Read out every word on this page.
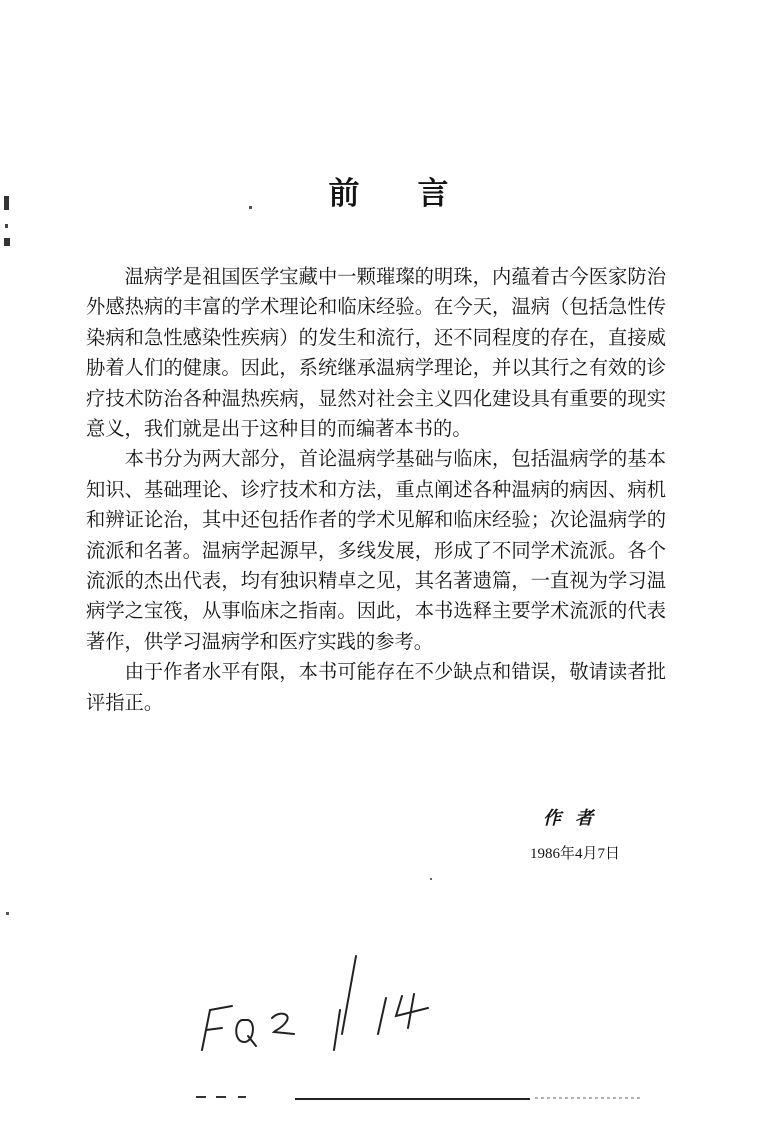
前 言

温病学是祖国医学宝藏中一颗璀璨的明珠，内蕴着古今医家防治外感热病的丰富的学术理论和临床经验。在今天，温病（包括急性传染病和急性感染性疾病）的发生和流行，还不同程度的存在，直接威胁着人们的健康。因此，系统继承温病学理论，并以其行之有效的诊疗技术防治各种温热疾病，显然对社会主义四化建设具有重要的现实意义，我们就是出于这种目的而编著本书的。

本书分为两大部分，首论温病学基础与临床，包括温病学的基本知识、基础理论、诊疗技术和方法，重点阐述各种温病的病因、病机和辨证论治，其中还包括作者的学术见解和临床经验；次论温病学的流派和名著。温病学起源早，多线发展，形成了不同学术流派。各个流派的杰出代表，均有独识精卓之见，其名著遗篇，一直视为学习温病学之宝筏，从事临床之指南。因此，本书选释主要学术流派的代表著作，供学习温病学和医疗实践的参考。

由于作者水平有限，本书可能存在不少缺点和错误，敬请读者批评指正。

作者
1986年4月7日
